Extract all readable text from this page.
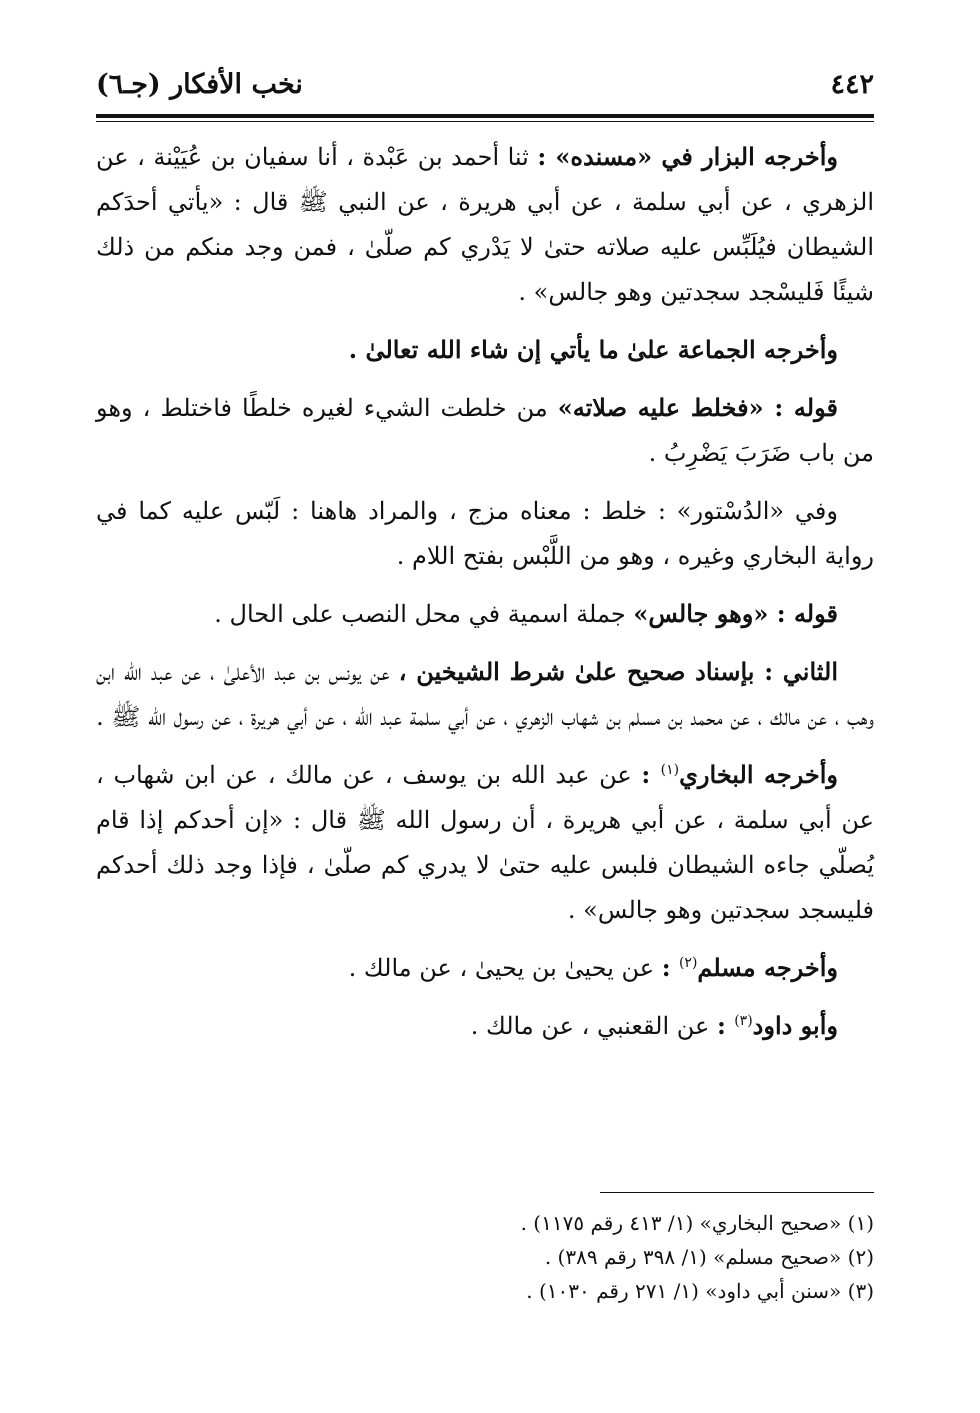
٤٤٢
نخب الأفكار (جـ٦)

وأخرجه البزار في «مسنده» : ثنا أحمد بن عَبْدة ، أنا سفيان بن عُيَيْنة ، عن الزهري ، عن أبي سلمة ، عن أبي هريرة ، عن النبي ﷺ قال : «يأتي أحدَكم الشيطان فيُلَبِّس عليه صلاته حتىٰ لا يَدْري كم صلّىٰ ، فمن وجد منكم من ذلك شيئًا فَليسْجد سجدتين وهو جالس» .

وأخرجه الجماعة علىٰ ما يأتي إن شاء الله تعالىٰ .

قوله : «فخلط عليه صلاته» من خلطت الشيء لغيره خلطًا فاختلط ، وهو من باب ضَرَبَ يَضْرِبُ .

وفي «الدُسْتور» : خلط : معناه مزج ، والمراد هاهنا : لَبّس عليه كما في رواية البخاري وغيره ، وهو من اللَّبْس بفتح اللام .

قوله : «وهو جالس» جملة اسمية في محل النصب على الحال .

الثاني : بإسناد صحيح علىٰ شرط الشيخين ، عن يونس بن عبد الأعلىٰ ، عن عبد الله ابن وهب ، عن مالك ، عن محمد بن مسلم بن شهاب الزهري ، عن أبي سلمة عبد الله ، عن أبي هريرة ، عن رسول الله ﷺ .

وأخرجه البخاري$^{(١)}$ : عن عبد الله بن يوسف ، عن مالك ، عن ابن شهاب ، عن أبي سلمة ، عن أبي هريرة ، أن رسول الله ﷺ قال : «إن أحدكم إذا قام يُصلّي جاءه الشيطان فلبس عليه حتىٰ لا يدري كم صلّىٰ ، فإذا وجد ذلك أحدكم فليسجد سجدتين وهو جالس» .

وأخرجه مسلم$^{(٢)}$ : عن يحيىٰ بن يحيىٰ ، عن مالك .

وأبو داود$^{(٣)}$ : عن القعنبي ، عن مالك .

(١) «صحيح البخاري» (١/ ٤١٣ رقم ١١٧٥) .

(٢) «صحيح مسلم» (١/ ٣٩٨ رقم ٣٨٩) .

(٣) «سنن أبي داود» (١/ ٢٧١ رقم ١٠٣٠) .
